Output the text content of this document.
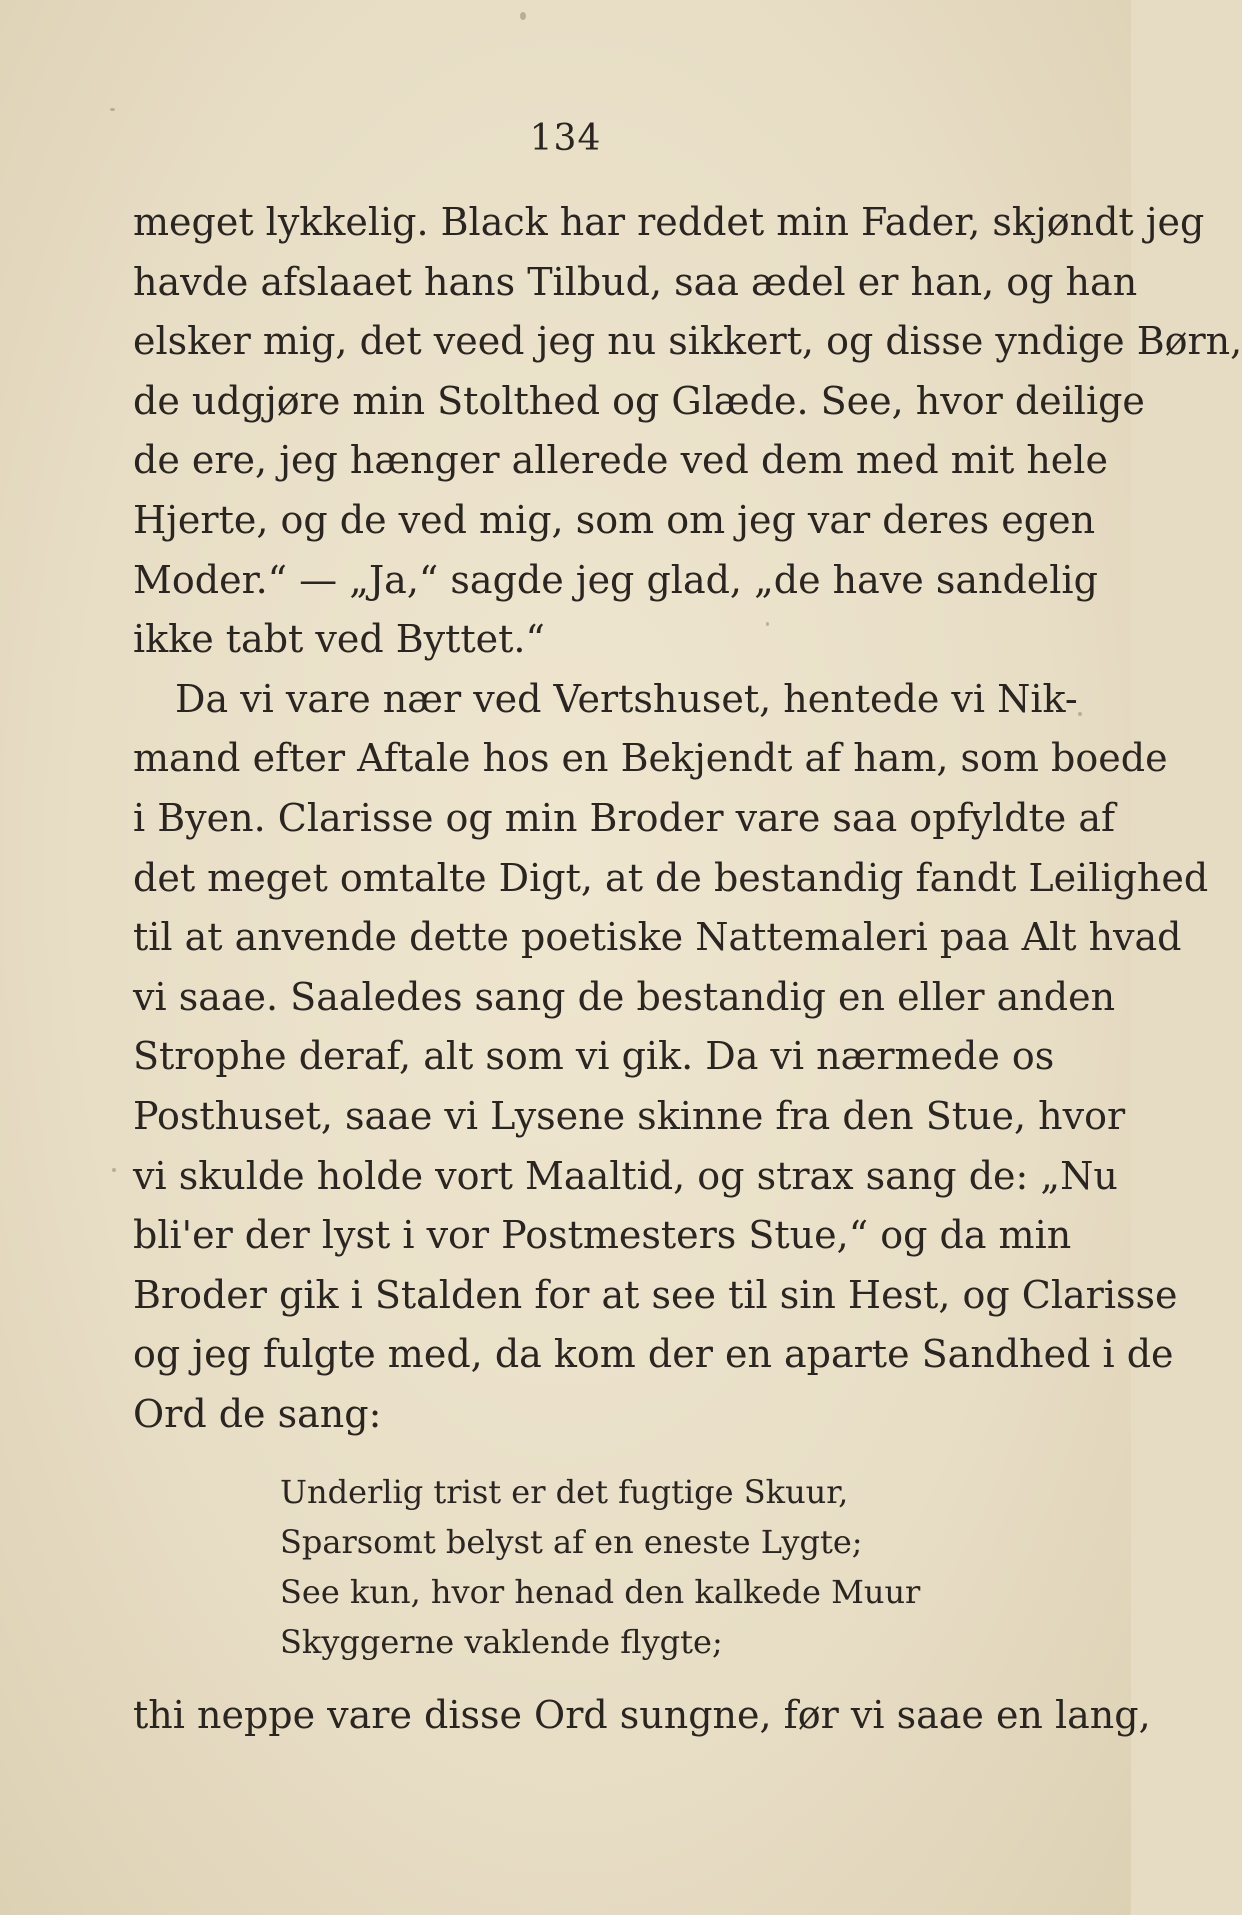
134
meget lykkelig. Black har reddet min Fader, skjøndt jeg
havde afslaaet hans Tilbud, saa ædel er han, og han
elsker mig, det veed jeg nu sikkert, og disse yndige Børn,
de udgjøre min Stolthed og Glæde. See, hvor deilige
de ere, jeg hænger allerede ved dem med mit hele
Hjerte, og de ved mig, som om jeg var deres egen
Moder.“ — „Ja,“ sagde jeg glad, „de have sandelig
ikke tabt ved Byttet.“
Da vi vare nær ved Vertshuset, hentede vi Nik-
mand efter Aftale hos en Bekjendt af ham, som boede
i Byen. Clarisse og min Broder vare saa opfyldte af
det meget omtalte Digt, at de bestandig fandt Leilighed
til at anvende dette poetiske Nattemaleri paa Alt hvad
vi saae. Saaledes sang de bestandig en eller anden
Strophe deraf, alt som vi gik. Da vi nærmede os
Posthuset, saae vi Lysene skinne fra den Stue, hvor
vi skulde holde vort Maaltid, og strax sang de: „Nu
bli'er der lyst i vor Postmesters Stue,“ og da min
Broder gik i Stalden for at see til sin Hest, og Clarisse
og jeg fulgte med, da kom der en aparte Sandhed i de
Ord de sang:
Underlig trist er det fugtige Skuur,
Sparsomt belyst af en eneste Lygte;
See kun, hvor henad den kalkede Muur
Skyggerne vaklende flygte;
thi neppe vare disse Ord sungne, før vi saae en lang,
